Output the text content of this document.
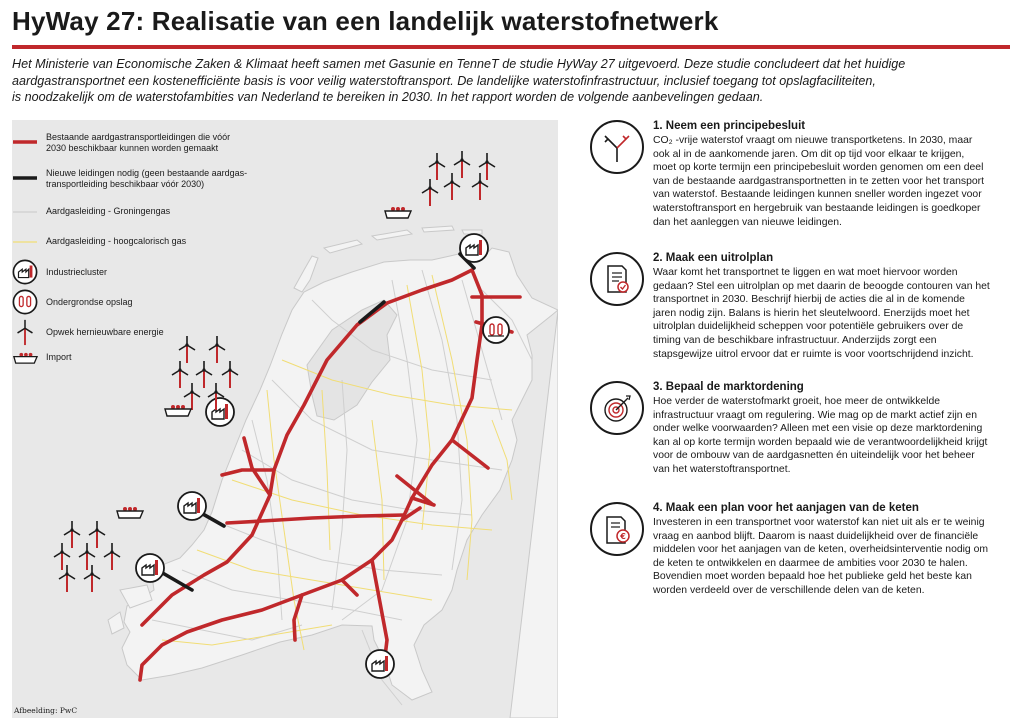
HyWay 27: Realisatie van een landelijk waterstofnetwerk
Het Ministerie van Economische Zaken & Klimaat heeft samen met Gasunie en TenneT de studie HyWay 27 uitgevoerd. Deze studie concludeert dat het huidige
aardgastransportnet een kostenefficiënte basis is voor veilig waterstoftransport. De landelijke waterstofinfrastructuur, inclusief toegang tot opslagfaciliteiten,
is noodzakelijk om de waterstofambities van Nederland te bereiken in 2030. In het rapport worden de volgende aanbevelingen gedaan.
Bestaande aardgastransportleidingen die vóór
2030 beschikbaar kunnen worden gemaakt
Nieuwe leidingen nodig (geen bestaande aardgas-
transportleiding beschikbaar vóór 2030)
Aardgasleiding - Groningengas
Aardgasleiding - hoogcalorisch gas
Industriecluster
Ondergrondse opslag
Opwek hernieuwbare energie
Import
Afbeelding: PwC
1. Neem een principebesluit
CO₂ -vrije waterstof vraagt om nieuwe transportketens. In 2030, maar
ook al in de aankomende jaren. Om dit op tijd voor elkaar te krijgen,
moet op korte termijn een principebesluit worden genomen om een deel
van de bestaande aardgastransportnetten in te zetten voor het transport
van waterstof. Bestaande leidingen kunnen sneller worden ingezet voor
waterstoftransport en hergebruik van bestaande leidingen is goedkoper
dan het aanleggen van nieuwe leidingen.
2. Maak een uitrolplan
Waar komt het transportnet te liggen en wat moet hiervoor worden
gedaan? Stel een uitrolplan op met daarin de beoogde contouren van het
transportnet in 2030. Beschrijf hierbij de acties die al in de komende
jaren nodig zijn. Balans is hierin het sleutelwoord. Enerzijds moet het
uitrolplan duidelijkheid scheppen voor potentiële gebruikers over de
timing van de beschikbare infrastructuur. Anderzijds zorgt een
stapsgewijze uitrol ervoor dat er ruimte is voor voortschrijdend inzicht.
3. Bepaal de marktordening
Hoe verder de waterstofmarkt groeit, hoe meer de ontwikkelde
infrastructuur vraagt om regulering. Wie mag op de markt actief zijn en
onder welke voorwaarden? Alleen met een visie op deze marktordening
kan al op korte termijn worden bepaald wie de verantwoordelijkheid krijgt
voor de ombouw van de aardgasnetten én uiteindelijk voor het beheer
van het waterstoftransportnet.
€
4. Maak een plan voor het aanjagen van de keten
Investeren in een transportnet voor waterstof kan niet uit als er te weinig
vraag en aanbod blijft. Daarom is naast duidelijkheid over de financiële
middelen voor het aanjagen van de keten, overheidsinterventie nodig om
de keten te ontwikkelen en daarmee de ambities voor 2030 te halen.
Bovendien moet worden bepaald hoe het publieke geld het beste kan
worden verdeeld over de verschillende delen van de keten.
